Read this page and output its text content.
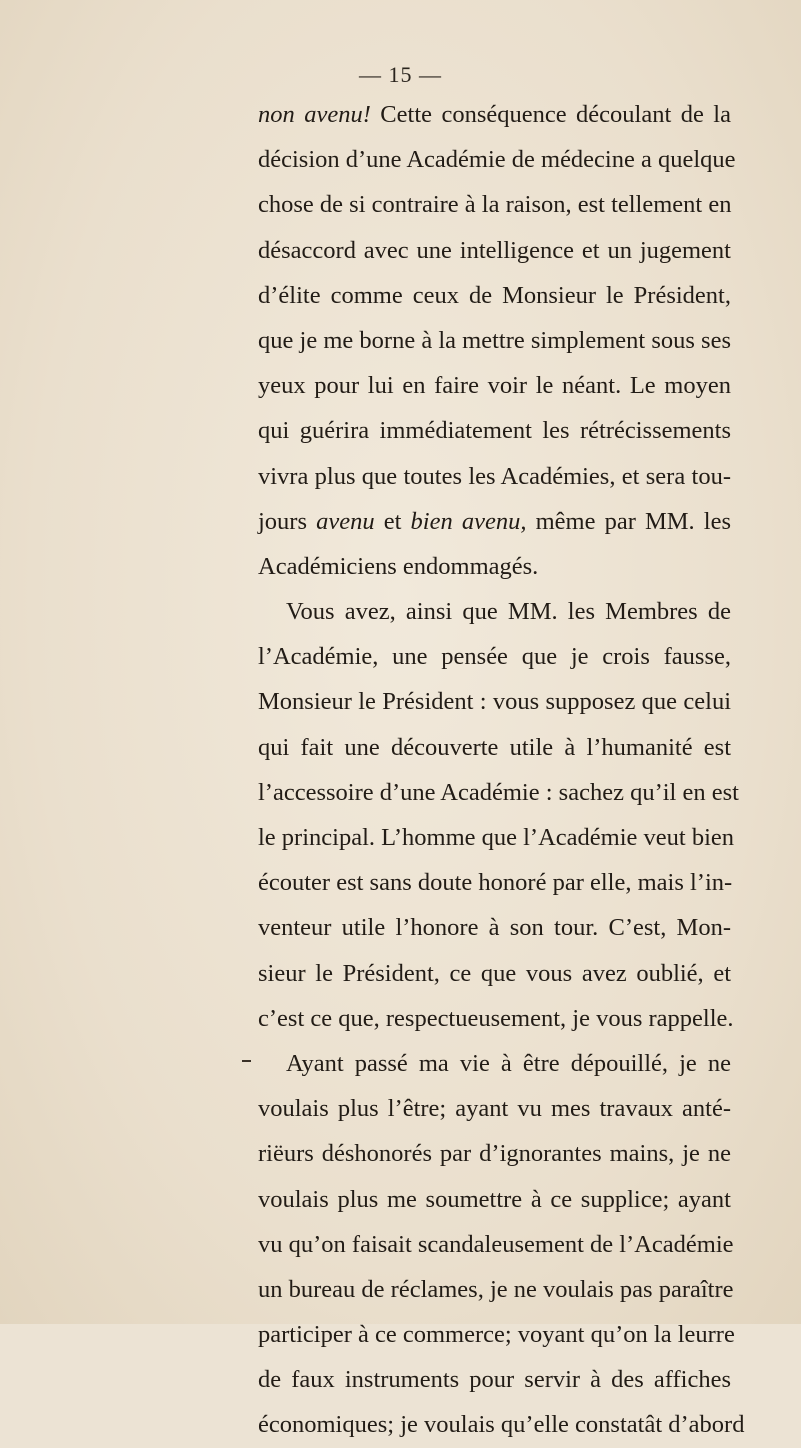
— 15 —
non avenu! Cette conséquence découlant de la
décision d’une Académie de médecine a quelque
chose de si contraire à la raison, est tellement en
désaccord avec une intelligence et un jugement
d’élite comme ceux de Monsieur le Président,
que je me borne à la mettre simplement sous ses
yeux pour lui en faire voir le néant. Le moyen
qui guérira immédiatement les rétrécissements
vivra plus que toutes les Académies, et sera tou-
jours avenu et bien avenu, même par MM. les
Académiciens endommagés.
Vous avez, ainsi que MM. les Membres de
l’Académie, une pensée que je crois fausse,
Monsieur le Président : vous supposez que celui
qui fait une découverte utile à l’humanité est
l’accessoire d’une Académie : sachez qu’il en est
le principal. L’homme que l’Académie veut bien
écouter est sans doute honoré par elle, mais l’in-
venteur utile l’honore à son tour. C’est, Mon-
sieur le Président, ce que vous avez oublié, et
c’est ce que, respectueusement, je vous rappelle.
Ayant passé ma vie à être dépouillé, je ne
voulais plus l’être; ayant vu mes travaux anté-
riëurs déshonorés par d’ignorantes mains, je ne
voulais plus me soumettre à ce supplice; ayant
vu qu’on faisait scandaleusement de l’Académie
un bureau de réclames, je ne voulais pas paraître
participer à ce commerce; voyant qu’on la leurre
de faux instruments pour servir à des affiches
économiques; je voulais qu’elle constatât d’abord
